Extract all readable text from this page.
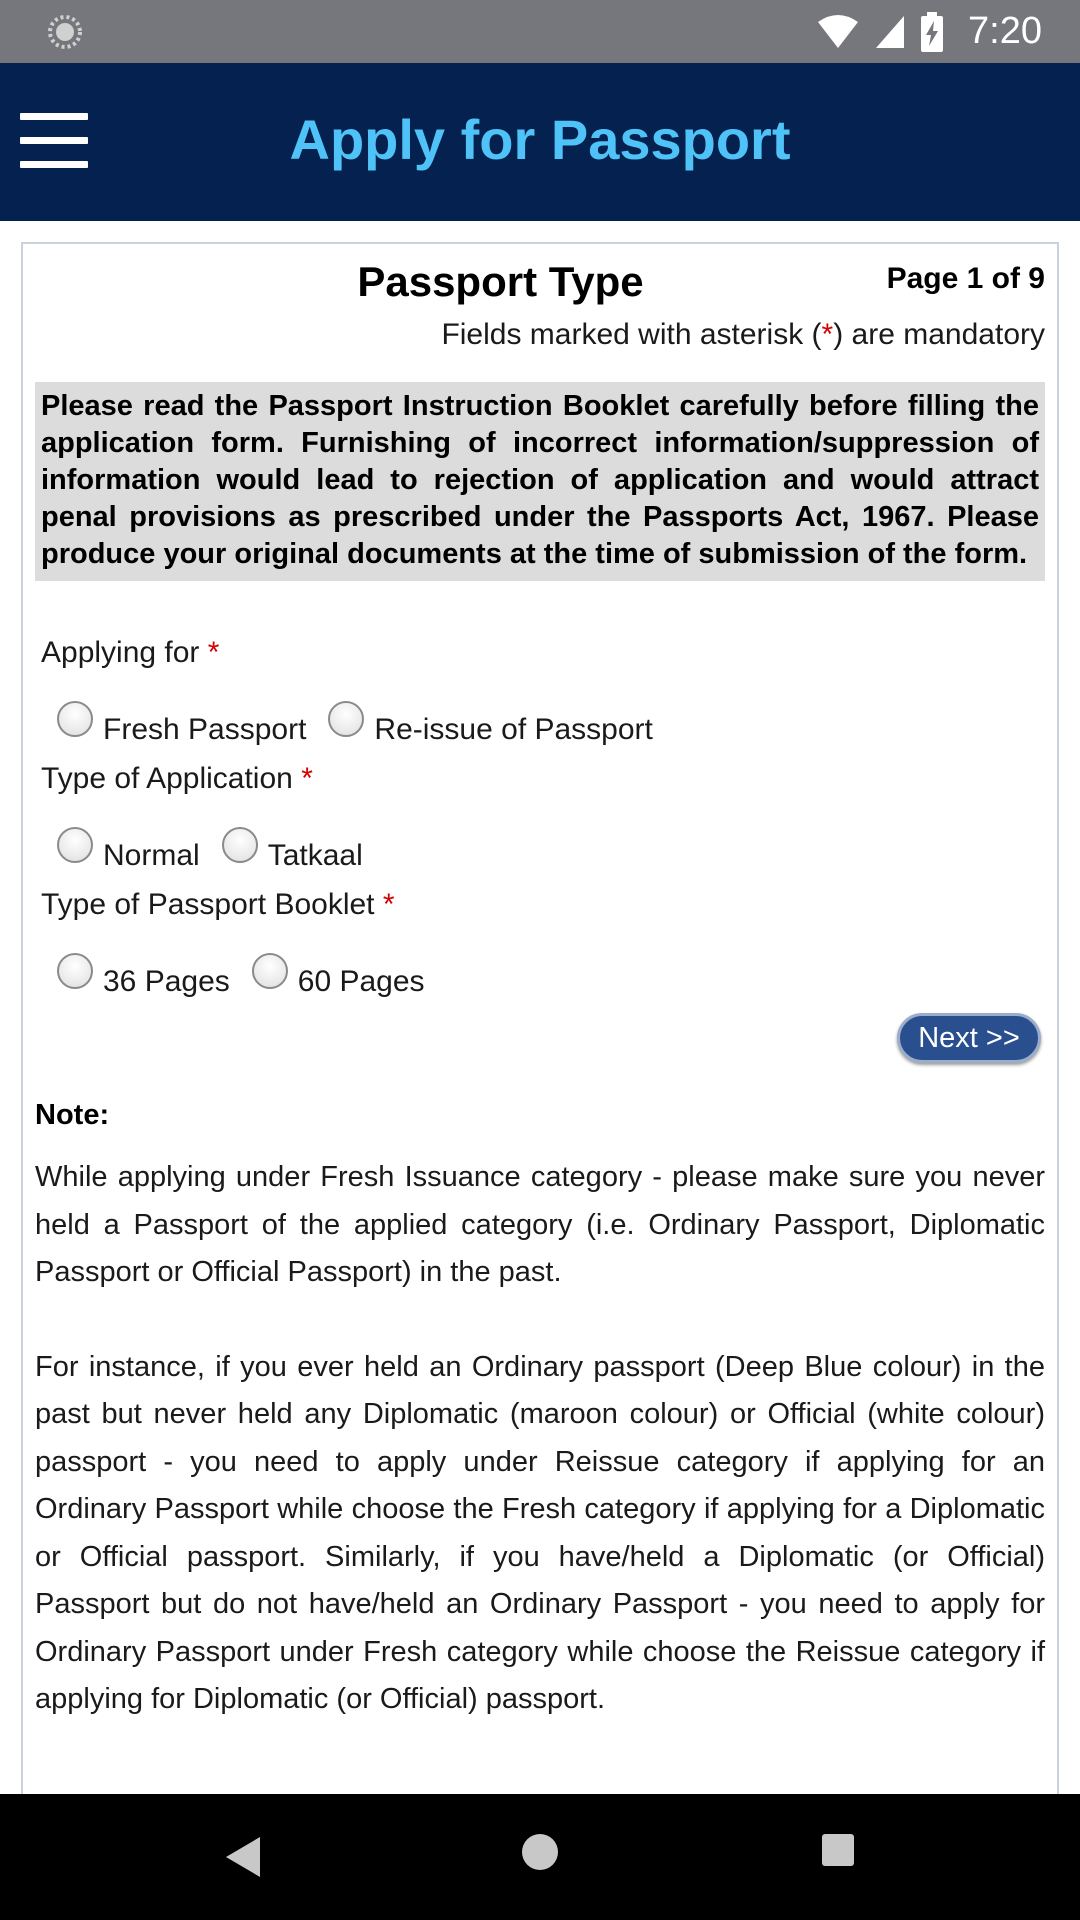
7:20
Apply for Passport
Passport Type	Page 1 of 9
Fields marked with asterisk (*) are mandatory
Please read the Passport Instruction Booklet carefully before filling the application form. Furnishing of incorrect information/suppression of information would lead to rejection of application and would attract penal provisions as prescribed under the Passports Act, 1967. Please produce your original documents at the time of submission of the form.
Applying for *
Fresh Passport Re-issue of Passport
Type of Application *
Normal Tatkaal
Type of Passport Booklet *
36 Pages 60 Pages
Next >>
Note:

While applying under Fresh Issuance category - please make sure you never held a Passport of the applied category (i.e. Ordinary Passport, Diplomatic Passport or Official Passport) in the past.

For instance, if you ever held an Ordinary passport (Deep Blue colour) in the past but never held any Diplomatic (maroon colour) or Official (white colour) passport - you need to apply under Reissue category if applying for an Ordinary Passport while choose the Fresh category if applying for a Diplomatic or Official passport. Similarly, if you have/held a Diplomatic (or Official) Passport but do not have/held an Ordinary Passport - you need to apply for Ordinary Passport under Fresh category while choose the Reissue category if applying for Diplomatic (or Official) passport.
